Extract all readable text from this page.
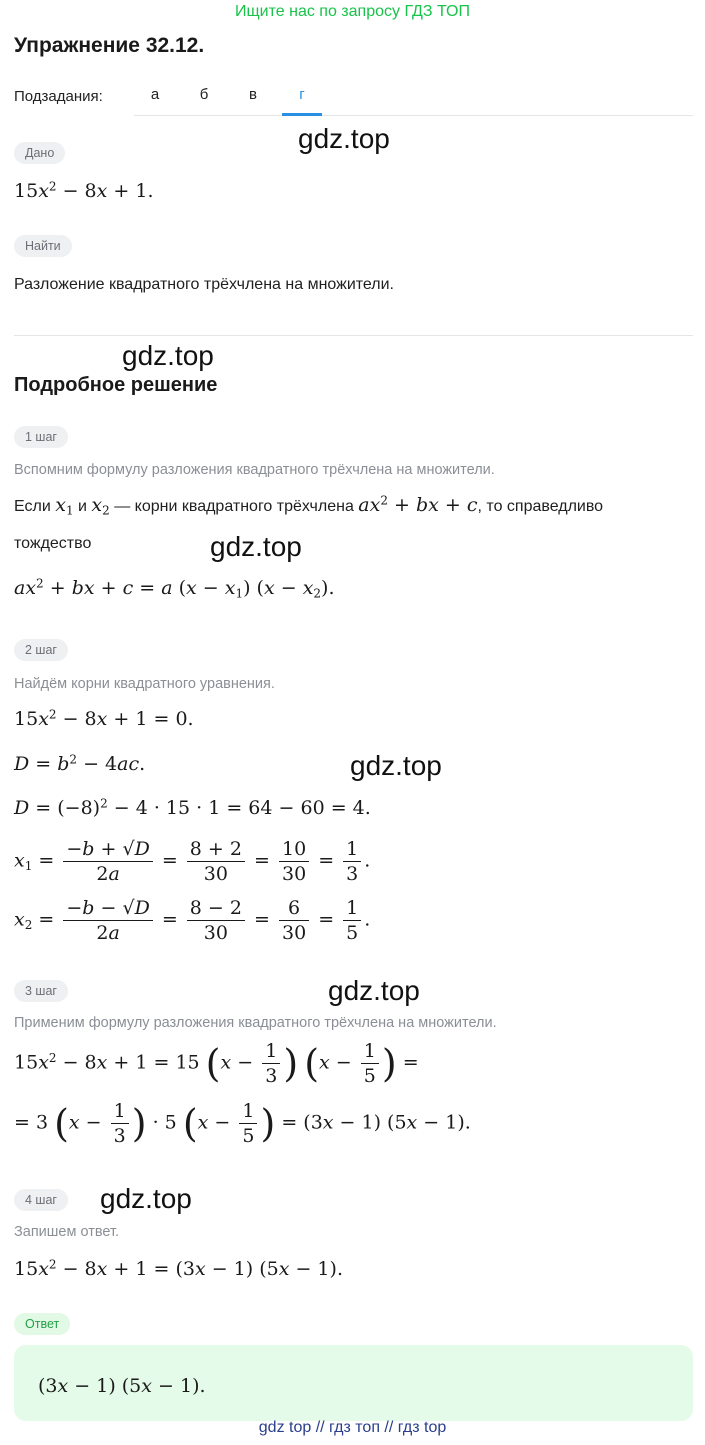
Ищите нас по запросу ГДЗ ТОП
Упражнение 32.12.
Подзадания:	а	б	в	г
gdz.top
Дано
$15x^2 - 8x + 1$.
Найти
Разложение квадратного трёхчлена на множители.
gdz.top
Подробное решение
1 шаг
Вспомним формулу разложения квадратного трёхчлена на множители.
Если $x_1$ и $x_2$ — корни квадратного трёхчлена $ax^2$ + bx + c, то справедливо
тождество	gdz.top
$ax^2$ + bx + c = a $(x - x_1)$ $(x - x_2)$.
2 шаг
Найдём корни квадратного уравнения.
$15x^2 - 8x + 1 = 0$.
$D = b^2 - 4ac$.	gdz.top
$D = (-8)^2 - 4 \cdot 15 \cdot 1 = 64 - 60 = 4$.
$x_1 = \frac{-b + √D}{2a} = \frac{8 + 2}{30} = \frac{10}{30} = \frac{1}{3}$ .
$x_2 = \frac{-b - √D}{2a} = \frac{8 - 2}{30} = \frac{6}{30} = \frac{1}{5}$ .
3 шаг	gdz.top
Применим формулу разложения квадратного трёхчлена на множители.
$15x^2 - 8x + 1 = 15$ ($x - \frac{1}{3}$ ) ($x - \frac{1}{5}$ ) =
= 3 ($x - \frac{1}{3}$ ) · 5 ($x - \frac{1}{5}$ ) = (3x − 1) (5x − 1).
4 шаг	gdz.top
Запишем ответ.
$15x^2 - 8x + 1 = (3x - 1) (5x - 1)$.
Ответ
(3x − 1) (5x − 1).
gdz top // гдз топ // гдз top
